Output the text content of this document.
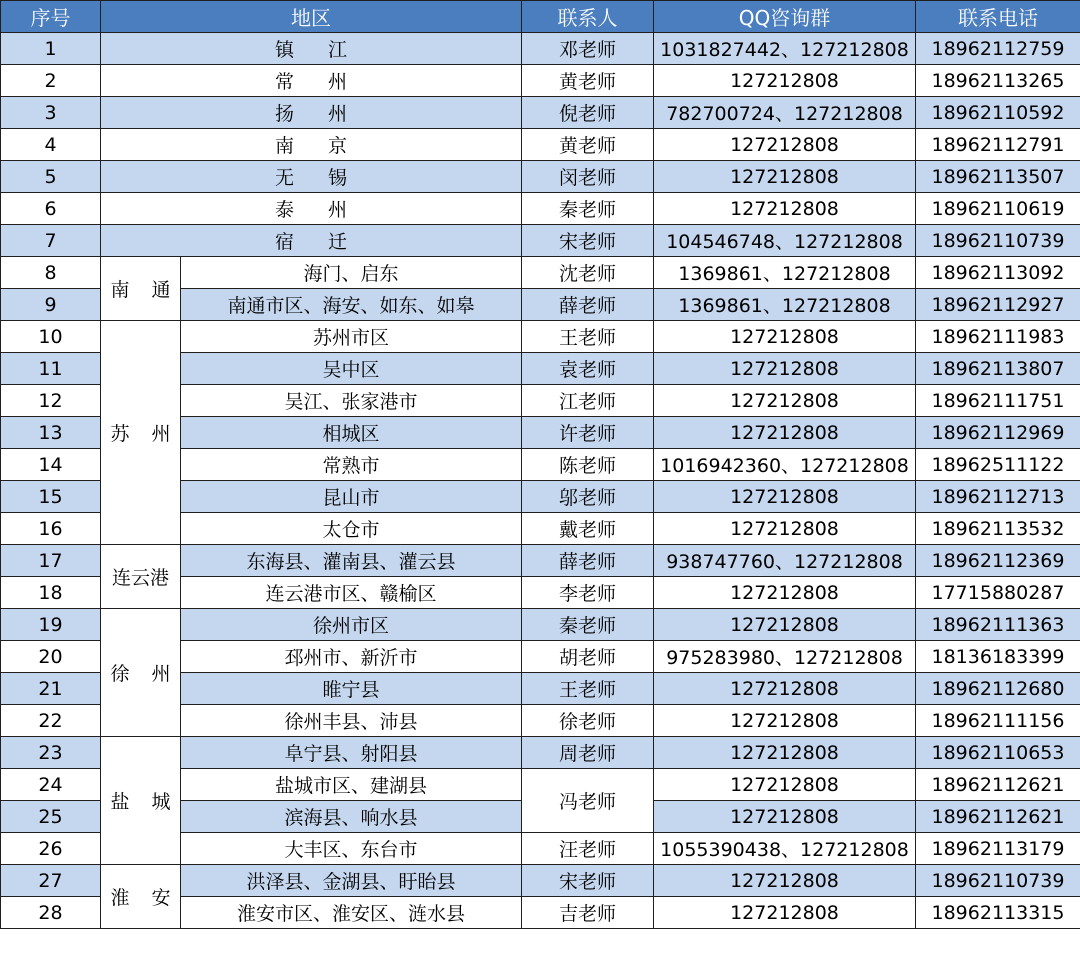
序号	地区		联系人	QQ咨询群	联系电话
1	镇 江		邓老师	1031827442、127212808	18962112759
2	常 州		黄老师	127212808	18962113265
3	扬 州		倪老师	782700724、127212808	18962110592
4	南 京		黄老师	127212808	18962112791
5	无 锡		闵老师	127212808	18962113507
6	泰 州		秦老师	127212808	18962110619
7	宿 迁		宋老师	104546748、127212808	18962110739
8	南 通	海门、启东	沈老师	1369861、127212808	18962113092
9		南通市区、海安、如东、如皋	薛老师	1369861、127212808	18962112927
10	苏 州	苏州市区	王老师	127212808	18962111983
11		吴中区	袁老师	127212808	18962113807
12		吴江、张家港市	江老师	127212808	18962111751
13		相城区	许老师	127212808	18962112969
14		常熟市	陈老师	1016942360、127212808	18962511122
15		昆山市	邬老师	127212808	18962112713
16		太仓市	戴老师	127212808	18962113532
17	连云港	东海县、灌南县、灌云县	薛老师	938747760、127212808	18962112369
18		连云港市区、赣榆区	李老师	127212808	17715880287
19	徐 州	徐州市区	秦老师	127212808	18962111363
20		邳州市、新沂市	胡老师	975283980、127212808	18136183399
21		睢宁县	王老师	127212808	18962112680
22		徐州丰县、沛县	徐老师	127212808	18962111156
23	盐 城	阜宁县、射阳县	周老师	127212808	18962110653
24		盐城市区、建湖县	冯老师	127212808	18962112621
25		滨海县、响水县		127212808	18962112621
26		大丰区、东台市	汪老师	1055390438、127212808	18962113179
27	淮 安	洪泽县、金湖县、盱眙县	宋老师	127212808	18962110739
28		淮安市区、淮安区、涟水县	吉老师	127212808	18962113315
